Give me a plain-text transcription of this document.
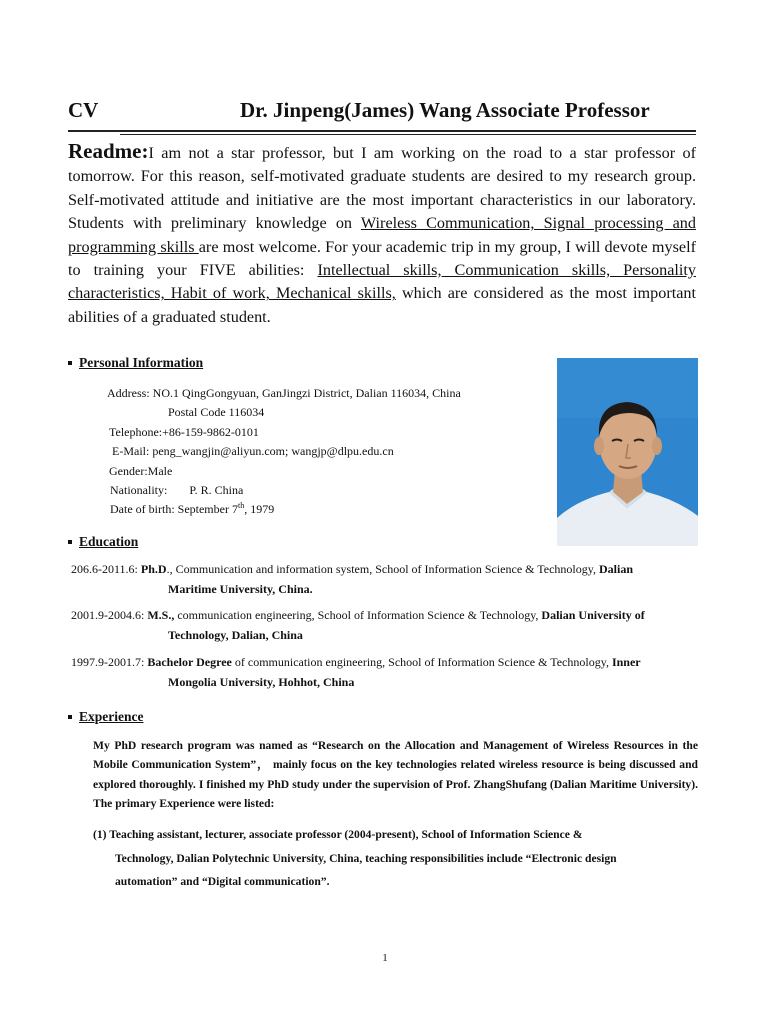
CV	Dr. Jinpeng(James) Wang Associate Professor
Readme:I am not a star professor, but I am working on the road to a star professor of tomorrow. For this reason, self-motivated graduate students are desired to my research group. Self-motivated attitude and initiative are the most important characteristics in our laboratory. Students with preliminary knowledge on Wireless Communication, Signal processing and programming skills are most welcome. For your academic trip in my group, I will devote myself to training your FIVE abilities: Intellectual skills, Communication skills, Personality characteristics, Habit of work, Mechanical skills, which are considered as the most important abilities of a graduated student.
Personal Information
Address: NO.1 QingGongyuan, GanJingzi District, Dalian 116034, China
Postal Code 116034
Telephone:+86-159-9862-0101
E-Mail: peng_wangjin@aliyun.com; wangjp@dlpu.edu.cn
Gender:Male
Nationality: P. R. China
Date of birth: September 7th, 1979
Education
206.6-2011.6: Ph.D., Communication and information system, School of Information Science & Technology, Dalian
Maritime University, China.
2001.9-2004.6: M.S., communication engineering, School of Information Science & Technology, Dalian University of
Technology, Dalian, China
1997.9-2001.7: Bachelor Degree of communication engineering, School of Information Science & Technology, Inner
Mongolia University, Hohhot, China
Experience
My PhD research program was named as “Research on the Allocation and Management of Wireless Resources in the Mobile Communication System”， mainly focus on the key technologies related wireless resource is being discussed and explored thoroughly. I finished my PhD study under the supervision of Prof. ZhangShufang (Dalian Maritime University). The primary Experience were listed:
(1) Teaching assistant, lecturer, associate professor (2004-present), School of Information Science &
Technology, Dalian Polytechnic University, China, teaching responsibilities include “Electronic design
automation” and “Digital communication”.
1
